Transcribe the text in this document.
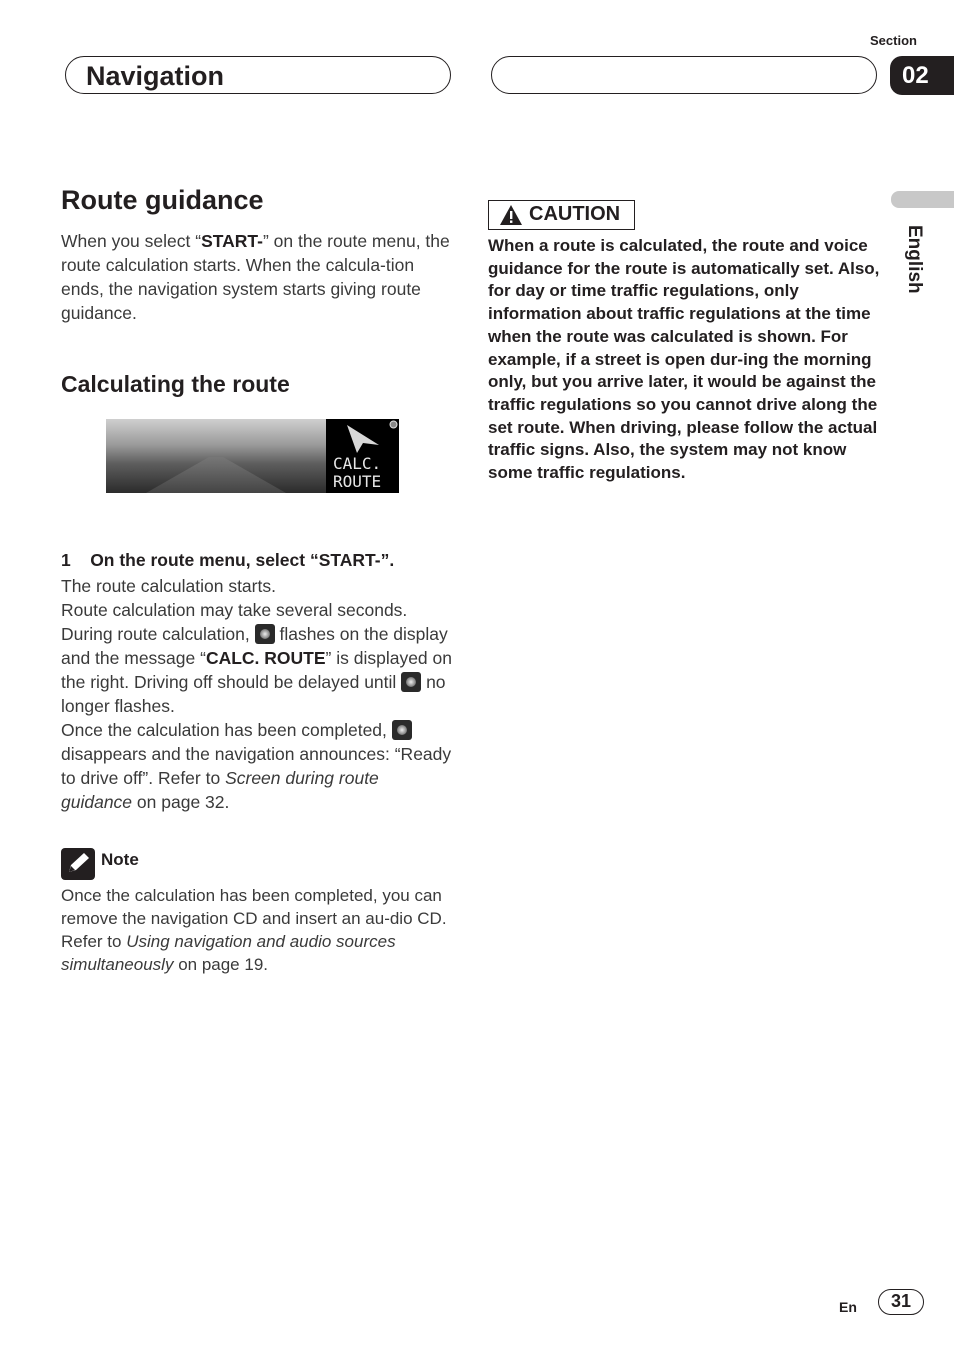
Section
Navigation	02
English
Route guidance
When you select “START-” on the route menu, the route calculation starts. When the calcula-tion ends, the navigation system starts giving route guidance.
Calculating the route
CALC.
ROUTE
1 On the route menu, select “START-”.
The route calculation starts.
Route calculation may take several seconds.
During route calculation, flashes on the display and the message “CALC. ROUTE” is displayed on the right. Driving off should be delayed until no longer flashes.
Once the calculation has been completed,  disappears and the navigation announces: “Ready to drive off”. Refer to Screen during route guidance on page 32.
Note
Once the calculation has been completed, you can remove the navigation CD and insert an au-dio CD. Refer to Using navigation and audio sources simultaneously on page 19.
CAUTION
When a route is calculated, the route and voice guidance for the route is automatically set. Also, for day or time traffic regulations, only information about traffic regulations at the time when the route was calculated is shown. For example, if a street is open dur-ing the morning only, but you arrive later, it would be against the traffic regulations so you cannot drive along the set route. When driving, please follow the actual traffic signs. Also, the system may not know some traffic regulations.
En	31
